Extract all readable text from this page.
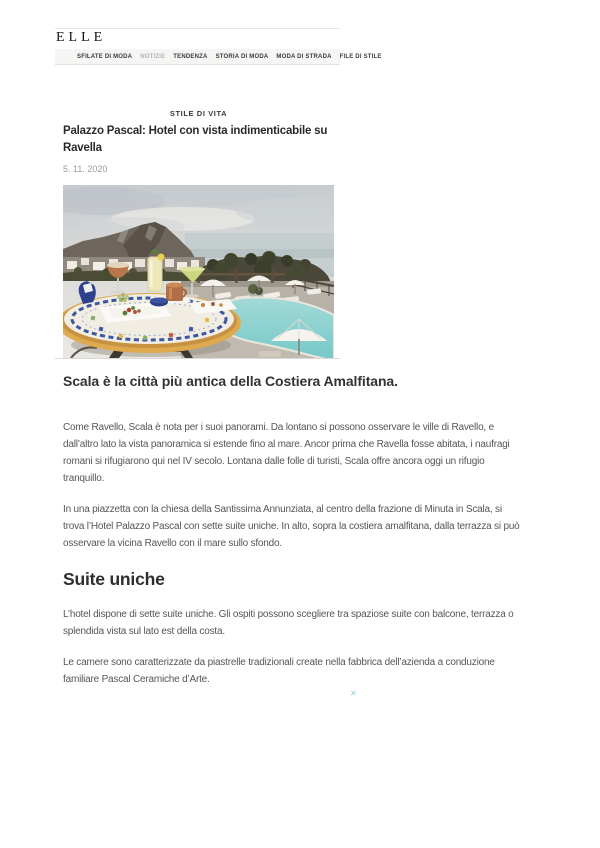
ELLE
SFILATE DI MODA NOTIZIE TENDENZA STORIA DI MODA MODA DI STRADA FILE DI STILE
STILE DI VITA
Palazzo Pascal: Hotel con vista indimenticabile su Ravella
5. 11. 2020
Scala è la città più antica della Costiera Amalfitana.

Come Ravello, Scala è nota per i suoi panorami. Da lontano si possono osservare le ville di Ravello, e dall’altro lato la vista panoramica si estende fino al mare. Ancor prima che Ravella fosse abitata, i naufragi romani si rifugiarono qui nel IV secolo. Lontana dalle folle di turisti, Scala offre ancora oggi un rifugio tranquillo.

In una piazzetta con la chiesa della Santissima Annunziata, al centro della frazione di Minuta in Scala, si trova l’Hotel Palazzo Pascal con sette suite uniche. In alto, sopra la costiera amalfitana, dalla terrazza si può osservare la vicina Ravello con il mare sullo sfondo.

Suite uniche

L’hotel dispone di sette suite uniche. Gli ospiti possono scegliere tra spaziose suite con balcone, terrazza o splendida vista sul lato est della costa.

Le camere sono caratterizzate da piastrelle tradizionali create nella fabbrica dell’azienda a conduzione familiare Pascal Ceramiche d’Arte.

✕
